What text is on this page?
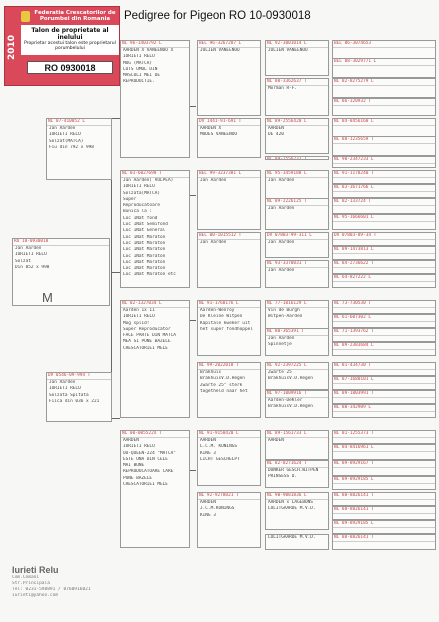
2010
Federatia Crescatorilor de Porumbei din Romania
Talon de proprietate al inelului
Proprietar acestui talon este proprietarul porumbelului
RO 0930018
Pedigree for Pigeon RO 10-0930018
RO 10-0930018
Jan Aarden
IURIETI RELU
Solzat
Din 052 x 998
M
NL 07-410052 L
Jan Aarden
IURIETI RELU
Solzat(MATCA)
Fiu din 792 x 998
DV 0546-09-994 T
Jan Aarden
IURIETI RELU
Solzata Spitata
Fiica din 036 x 221
NL 96-1403792 L
AARDEN X VANEENOO X
IURIETI RELU
MOG (MATCA)
LOTS UMUL DIN
MASCULI MEI DE
REPRODUCTIE.
NL 03-6027698 T
Jan Aarden( VULPEA)
IURIETI RELU
Solzata(MATCA)
Super
Reproducatoare
Bunica la :
Loc 1Nat fond
Loc 1Nat Semifond
Loc 1Nat General
Loc 1Nat Maraton
Loc 1Nat Maraton
Loc 1Nat Maraton
Loc 1Nat Maraton
Loc 1Nat Maraton
Loc 1Nat Maraton
Loc 1Nat Maraton etc
NL 02-1327034 L
Aarden 1x 11
IURIETI RELU
Mog splid!
Super Reproducator
FACE PARTE DIN MATCA
MEA SI PUNE BAZELE
CRESCATORIEI MELE
NL 00-0055224 T
AARDEN
IURIETI RELU
OU-QUEEN-224 "MATCA"
ESTE UNA DIN CELE
MAI BUNE
REPRODUCATOARE CARE
PUNE BAZELE
CRESCATORIEI MELE
BEL 96-3267287 L
JULIEN VANEENOO
DV 1441-91-691 T
AARDEN X
MODES VANEENOO
BEL 99-3237381 L
Jan Aarden
BEL 00-1015512 T
Jan Aarden
NL 91-1768176 L
Aarden-Wenroy
De Kleine Witpen
Kapitale kweker uit
het super fondhoppel
NL 99-2022018 T
Brakhuis
BrakhuisV.D.Hegen
Zwarte 25" sterk
togetheld naar het
NL 91-9150420 L
AARDEN
L.C.M. KONINGS
KING 3
LICHT GESCHELPT
NL 92-9278021 T
AARDEN
J.C.M.KONINGS
KING 3
NL 92-3001014 L
JULIEN VANEENOO
NL 80-3362637 T
Morman R-F.
NL 89-2556420 L
AARDEN
DE 420
NL 89-2556237 T
NL 95-3459188 L
Jan Aarden
NL 89-2226125 T
Jan Aarden
DV 07803-99-311 L
Jan Aarden
NL 93-3370031 T
Jan Aarden
NL 77-1016129 L
Vin de Burgh
Witpen-Aarden
NL 80-365391 T
Jan Aarden
Spinnetje
NL 92-2397225 L
Zwarte 25
BrakhuisV.D.Hegen
NL 97-1009916 T
Aarden-DeKler
BrakhuisV.D.Hegen
NL 89-1561733 L
AARDEN
NL 82-8271624 T
DONKER GESCH.WITPEN
PRINSESS D.
NL 90-9081836 L
AARDEN x LAGEBONS
LOLITGAARDE M.V.D.
LOLITGAARDE M.V.D.
BEL 86-3074653
BEL 88-3029771 L
NL 82-8275279 L
NL 86-320932 T
NL 84-8456160 L
NL 88-1235659 T
NL 90-2347233 L
NL 91-1178240 T
NL 83-3671766 L
NL 82-133724 T
NL 95-1666601 L
DV 07803-89-34 T
NL 89-1473813 L
NL 84-2736622 T
NL 64-827222 L
NL 73-730530 T
NL 61-607302 L
NL 71-1393762 T
NL 89-2383684 L
NL 81-434730 T
NL 87-1680101 L
NL 89-1803991 T
NL 80-342909 L
NL 81-1255373 T
NL 84-8416961 L
NL 89-8929167 T
NL 89-8929185 L
NL 88-8826141 T
NL 88-8826141 T
NL 89-8929185 L
NL 88-8826141 T
Iurieti Relu
Com.Comani
Str.Principala
Tel: 0231-598891 / 0760916021
iurieti@yahoo.com
